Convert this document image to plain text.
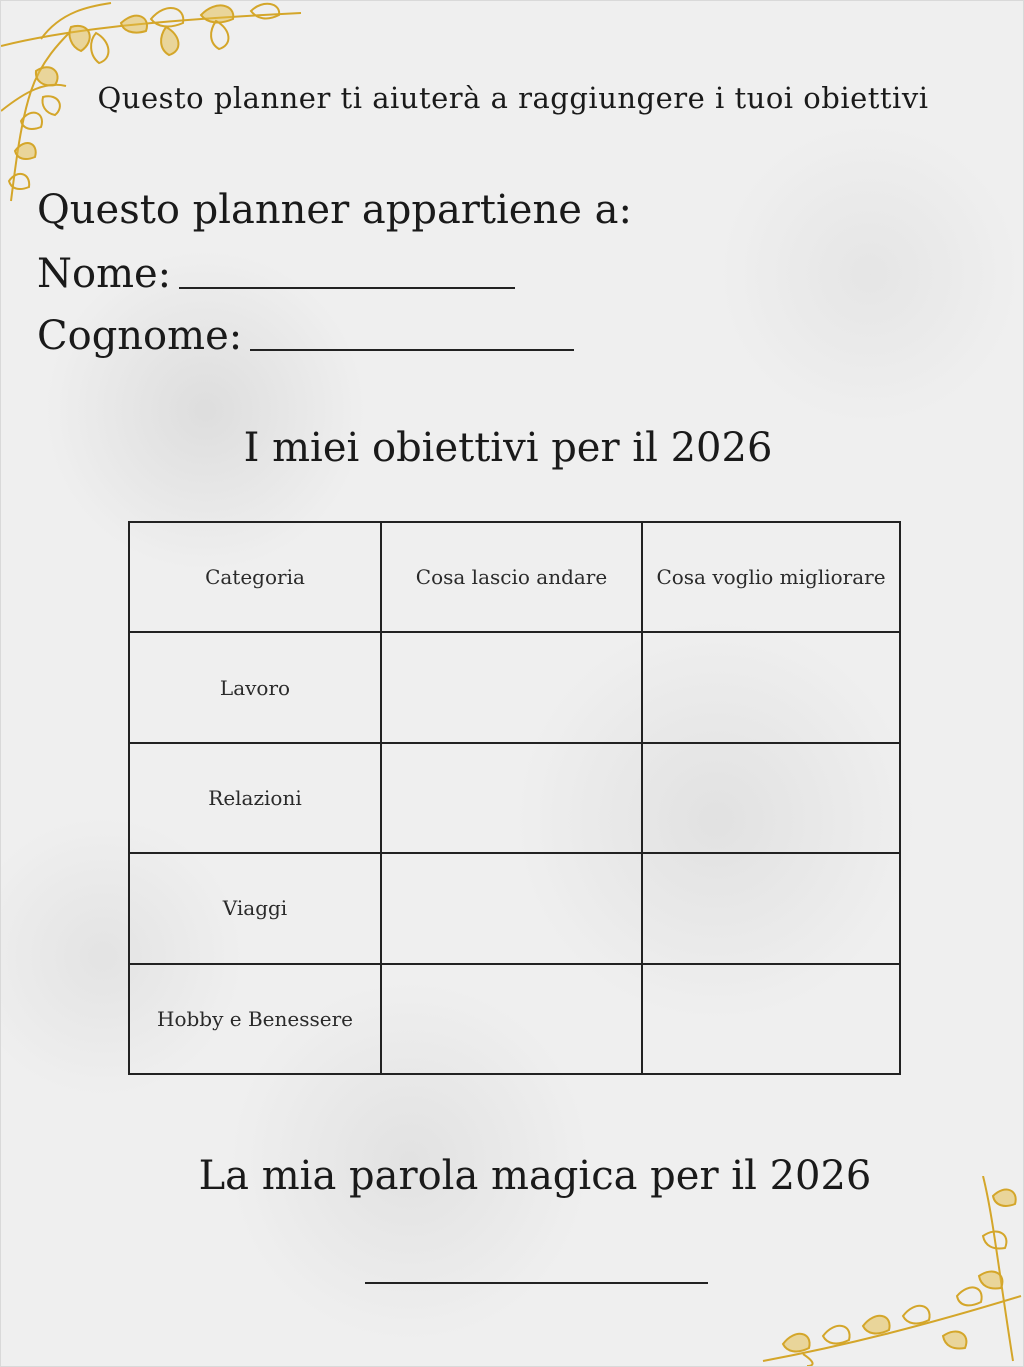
Questo planner ti aiuterà a raggiungere i tuoi obiettivi
Questo planner appartiene a:
Nome:
Cognome:
I miei obiettivi per il 2026
Categoria	Cosa lascio andare	Cosa voglio migliorare
Lavoro		
Relazioni		
Viaggi		
Hobby e Benessere		
La mia parola magica per il 2026
